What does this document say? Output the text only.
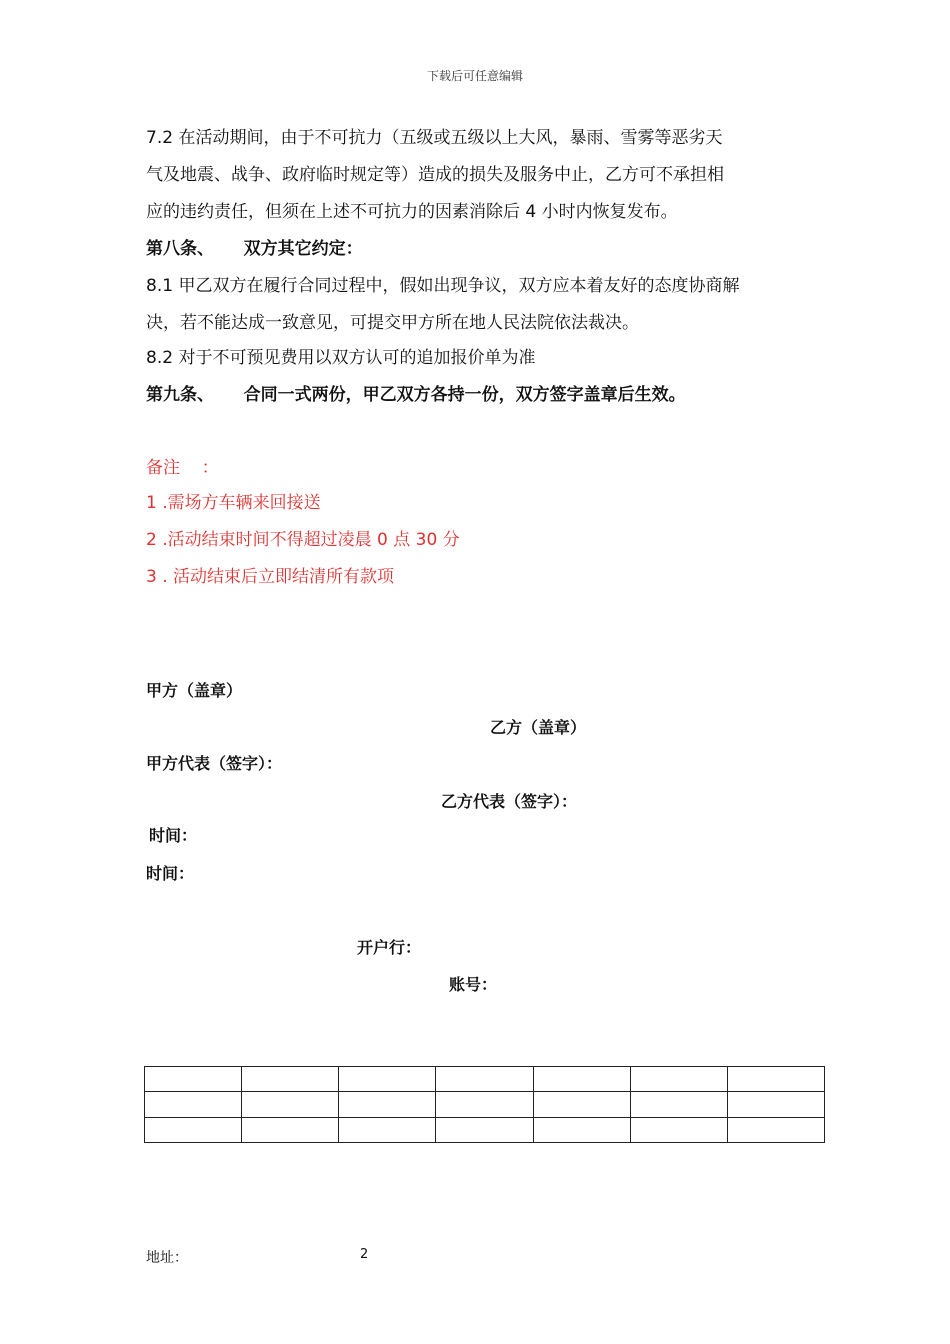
下载后可任意编辑
7.2 在活动期间，由于不可抗力（五级或五级以上大风，暴雨、雪雾等恶劣天
气及地震、战争、政府临时规定等）造成的损失及服务中止，乙方可不承担相
应的违约责任，但须在上述不可抗力的因素消除后 4 小时内恢复发布。
第八条、     双方其它约定：
8.1 甲乙双方在履行合同过程中，假如出现争议，双方应本着友好的态度协商解
决，若不能达成一致意见，可提交甲方所在地人民法院依法裁决。
8.2 对于不可预见费用以双方认可的追加报价单为准
第九条、     合同一式两份，甲乙双方各持一份，双方签字盖章后生效。
备注    ：
1 .需场方车辆来回接送
2 .活动结束时间不得超过凌晨 0 点 30 分
3 . 活动结束后立即结清所有款项
甲方（盖章）
乙方（盖章）
甲方代表（签字）：
乙方代表（签字）：
时间：
时间：
开户行：
账号：

地址：	2
